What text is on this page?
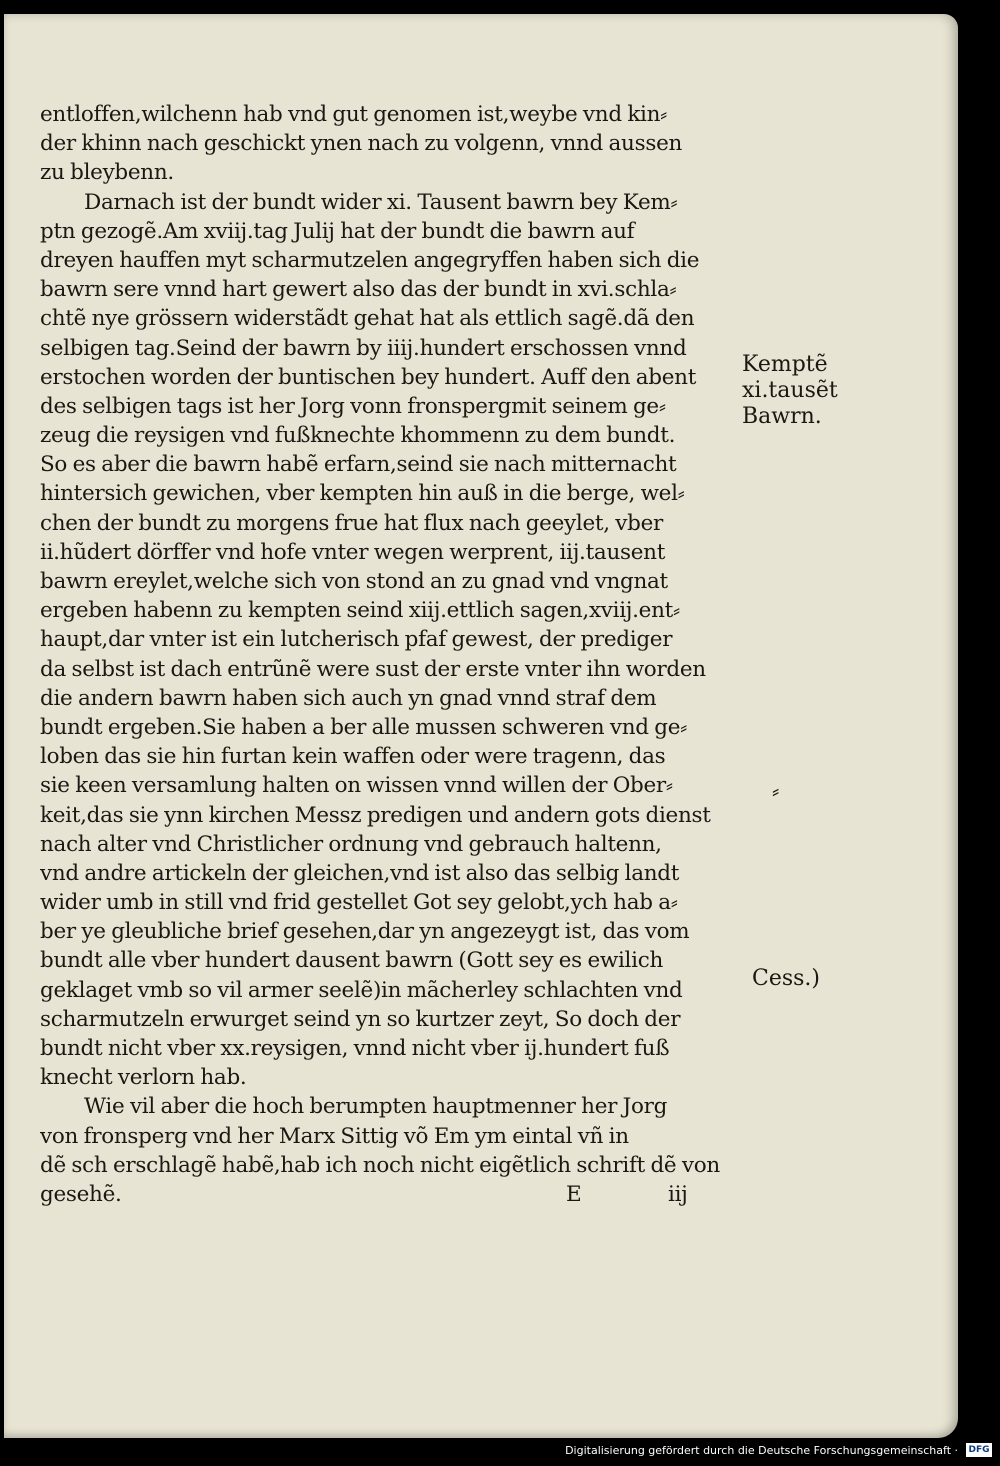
entloffen,wilchenn hab vnd gut genomen ist,weybe vnd kin⸗
der khinn nach geschickt ynen nach zu volgenn, vnnd aussen
zu bleybenn.
Darnach ist der bundt wider xi. Tausent bawrn bey Kem⸗
ptn gezogẽ.Am xviij.tag Julij hat der bundt die bawrn auf
dreyen hauffen myt scharmutzelen angegryffen haben sich die
bawrn sere vnnd hart gewert also das der bundt in xvi.schla⸗
chtẽ nye grössern widerstãdt gehat hat als ettlich sagẽ.dã den
selbigen tag.Seind der bawrn by iiij.hundert erschossen vnnd
erstochen worden der buntischen bey hundert. Auff den abent
des selbigen tags ist her Jorg vonn fronspergmit seinem ge⸗
zeug die reysigen vnd fußknechte khommenn zu dem bundt.
So es aber die bawrn habẽ erfarn,seind sie nach mitternacht
hintersich gewichen, vber kempten hin auß in die berge, wel⸗
chen der bundt zu morgens frue hat flux nach geeylet, vber
ii.hũdert dörffer vnd hofe vnter wegen werprent, iij.tausent
bawrn ereylet,welche sich von stond an zu gnad vnd vngnat
ergeben habenn zu kempten seind xiij.ettlich sagen,xviij.ent⸗
haupt,dar vnter ist ein lutcherisch pfaf gewest, der prediger
da selbst ist dach entrũnẽ were sust der erste vnter ihn worden
die andern bawrn haben sich auch yn gnad vnnd straf dem
bundt ergeben.Sie haben a ber alle mussen schweren vnd ge⸗
loben das sie hin furtan kein waffen oder were tragenn, das
sie keen versamlung halten on wissen vnnd willen der Ober⸗
keit,das sie ynn kirchen Messz predigen und andern gots dienst
nach alter vnd Christlicher ordnung vnd gebrauch haltenn,
vnd andre artickeln der gleichen,vnd ist also das selbig landt
wider umb in still vnd frid gestellet Got sey gelobt,ych hab a⸗
ber ye gleubliche brief gesehen,dar yn angezeygt ist, das vom
bundt alle vber hundert dausent bawrn (Gott sey es ewilich
geklaget vmb so vil armer seelẽ)in mãcherley schlachten vnd
scharmutzeln erwurget seind yn so kurtzer zeyt, So doch der
bundt nicht vber xx.reysigen, vnnd nicht vber ij.hundert fuß
knecht verlorn hab.
Wie vil aber die hoch berumpten hauptmenner her Jorg
von fronsperg vnd her Marx Sittig võ Em ym eintal vñ in
dẽ sch erschlagẽ habẽ,hab ich noch nicht eigẽtlich schrift dẽ von
gesehẽ.	E	iij
Kemptẽ
xi.tausẽt
Bawrn.
⸗
Cess.)
Digitalisierung gefördert durch die Deutsche Forschungsgemeinschaft · DFG
